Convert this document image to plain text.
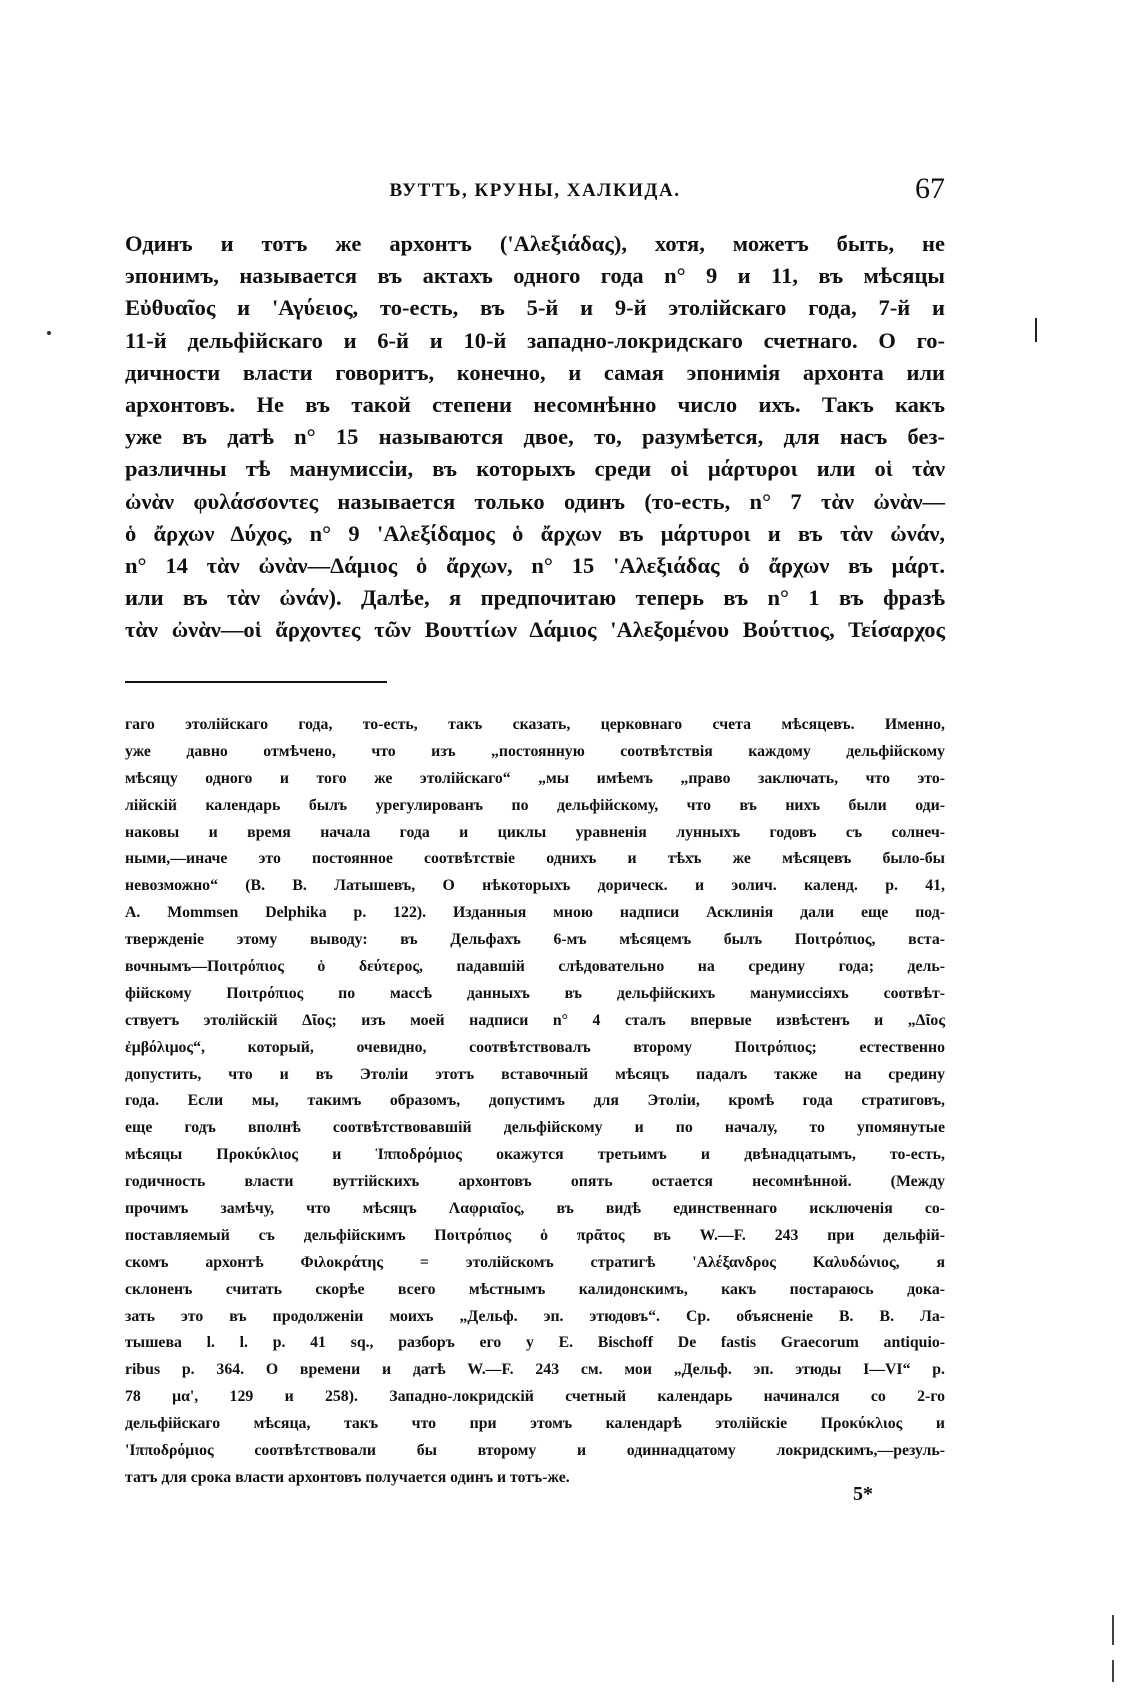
ВУТТЪ, КРУНЫ, ХАЛКИДА.	67
Одинъ и тотъ же архонтъ ('Αλεξιάδας), хотя, можетъ быть, не
эпонимъ, называется въ актахъ одного года n° 9 и 11, въ мѣсяцы
Εὐθυαῖος и 'Αγύειος, то-есть, въ 5-й и 9-й этолійскаго года, 7-й и
11-й дельфійскаго и 6-й и 10-й западно-локридскаго счетнаго. О го-
дичности власти говоритъ, конечно, и самая эпонимія архонта или
архонтовъ. Не въ такой степени несомнѣнно число ихъ. Такъ какъ
уже въ датѣ n° 15 называются двое, то, разумѣется, для насъ без-
различны тѣ манумиссіи, въ которыхъ среди οἱ μάρτυροι или οἱ τὰν
ὠνὰν φυλάσσοντες называется только одинъ (то-есть, n° 7 τὰν ὠνὰν—
ὁ ἄρχων Δύχος, n° 9 'Αλεξίδαμος ὁ ἄρχων въ μάρτυροι и въ τὰν ὠνάν,
n° 14 τὰν ὠνὰν—Δάμιος ὁ ἄρχων, n° 15 'Αλεξιάδας ὁ ἄρχων въ μάρτ.
или въ τὰν ὠνάν). Далѣе, я предпочитаю теперь въ n° 1 въ фразѣ
τὰν ὠνὰν—οἱ ἄρχοντες τῶν Βουττίων Δάμιος 'Αλεξομένου Βούττιος, Τείσαρχος
гаго этолійскаго года, то-есть, такъ сказать, церковнаго счета мѣсяцевъ. Именно,
уже давно отмѣчено, что изъ „постоянную соотвѣтствія каждому дельфійскому
мѣсяцу одного и того же этолійскаго“ „мы имѣемъ „право заключать, что это-
лійскій календарь былъ урегулированъ по дельфійскому, что въ нихъ были оди-
наковы и время начала года и циклы уравненія лунныхъ годовъ съ солнеч-
ными,—иначе это постоянное соотвѣтствіе однихъ и тѣхъ же мѣсяцевъ было-бы
невозможно“ (В. В. Латышевъ, О нѣкоторыхъ дорическ. и эолич. календ. p. 41,
A. Mommsen Delphika p. 122). Изданныя мною надписи Асклинія дали еще под-
твержденіе этому выводу: въ Дельфахъ 6-мъ мѣсяцемъ былъ Ποιτρόπιος, вста-
вочнымъ—Ποιτρόπιος ὁ δεύτερος, падавшій слѣдовательно на средину года; дель-
фійскому Ποιτρόπιος по массѣ данныхъ въ дельфійскихъ манумиссіяхъ соотвѣт-
ствуетъ этолійскій Δῖος; изъ моей надписи n° 4 сталъ впервые извѣстенъ и „Δῖος
ἐμβόλιμος“, который, очевидно, соотвѣтствовалъ второму Ποιτρόπιος; естественно
допустить, что и въ Этоліи этотъ вставочный мѣсяцъ падалъ также на средину
года. Если мы, такимъ образомъ, допустимъ для Этоліи, кромѣ года стратиговъ,
еще годъ вполнѣ соотвѣтствовавшій дельфійскому и по началу, то упомянутые
мѣсяцы Προκύκλιος и Ἱπποδρόμιος окажутся третьимъ и двѣнадцатымъ, то-есть,
годичность власти вуттійскихъ архонтовъ опять остается несомнѣнной. (Между
прочимъ замѣчу, что мѣсяцъ Λαφριαῖος, въ видѣ единственнаго исключенія со-
поставляемый съ дельфійскимъ Ποιτρόπιος ὁ πρᾶτος въ W.—F. 243 при дельфій-
скомъ архонтѣ Φιλοκράτης = этолійскомъ стратигѣ 'Αλέξανδρος Καλυδώνιος, я
склоненъ считать скорѣе всего мѣстнымъ калидонскимъ, какъ постараюсь дока-
зать это въ продолженіи моихъ „Дельф. эп. этюдовъ“. Ср. объясненіе В. В. Ла-
тышева l. l. p. 41 sq., разборъ его у E. Bischoff De fastis Graecorum antiquio-
ribus p. 364. О времени и датѣ W.—F. 243 см. мои „Дельф. эп. этюды I—VI“ p.
78 μα', 129 и 258). Западно-локридскій счетный календарь начинался со 2-го
дельфійскаго мѣсяца, такъ что при этомъ календарѣ этолійскіе Προκύκλιος и
'Ιπποδρόμιος соотвѣтствовали бы второму и одиннадцатому локридскимъ,—резуль-
татъ для срока власти архонтовъ получается одинъ и тотъ-же.
5*
